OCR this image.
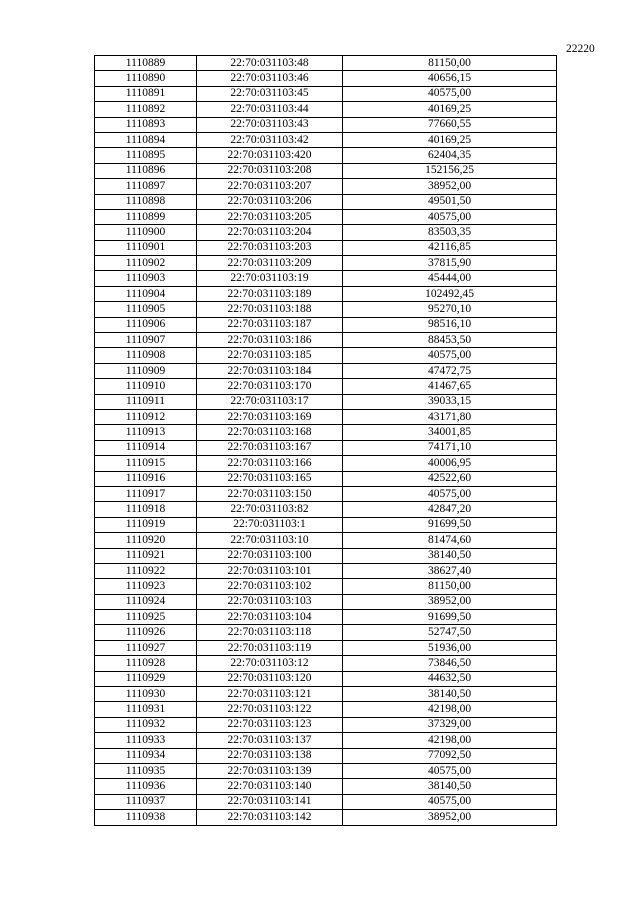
22220
1110889	22:70:031103:48	81150,00
1110890	22:70:031103:46	40656,15
1110891	22:70:031103:45	40575,00
1110892	22:70:031103:44	40169,25
1110893	22:70:031103:43	77660,55
1110894	22:70:031103:42	40169,25
1110895	22:70:031103:420	62404,35
1110896	22:70:031103:208	152156,25
1110897	22:70:031103:207	38952,00
1110898	22:70:031103:206	49501,50
1110899	22:70:031103:205	40575,00
1110900	22:70:031103:204	83503,35
1110901	22:70:031103:203	42116,85
1110902	22:70:031103:209	37815,90
1110903	22:70:031103:19	45444,00
1110904	22:70:031103:189	102492,45
1110905	22:70:031103:188	95270,10
1110906	22:70:031103:187	98516,10
1110907	22:70:031103:186	88453,50
1110908	22:70:031103:185	40575,00
1110909	22:70:031103:184	47472,75
1110910	22:70:031103:170	41467,65
1110911	22:70:031103:17	39033,15
1110912	22:70:031103:169	43171,80
1110913	22:70:031103:168	34001,85
1110914	22:70:031103:167	74171,10
1110915	22:70:031103:166	40006,95
1110916	22:70:031103:165	42522,60
1110917	22:70:031103:150	40575,00
1110918	22:70:031103:82	42847,20
1110919	22:70:031103:1	91699,50
1110920	22:70:031103:10	81474,60
1110921	22:70:031103:100	38140,50
1110922	22:70:031103:101	38627,40
1110923	22:70:031103:102	81150,00
1110924	22:70:031103:103	38952,00
1110925	22:70:031103:104	91699,50
1110926	22:70:031103:118	52747,50
1110927	22:70:031103:119	51936,00
1110928	22:70:031103:12	73846,50
1110929	22:70:031103:120	44632,50
1110930	22:70:031103:121	38140,50
1110931	22:70:031103:122	42198,00
1110932	22:70:031103:123	37329,00
1110933	22:70:031103:137	42198,00
1110934	22:70:031103:138	77092,50
1110935	22:70:031103:139	40575,00
1110936	22:70:031103:140	38140,50
1110937	22:70:031103:141	40575,00
1110938	22:70:031103:142	38952,00
